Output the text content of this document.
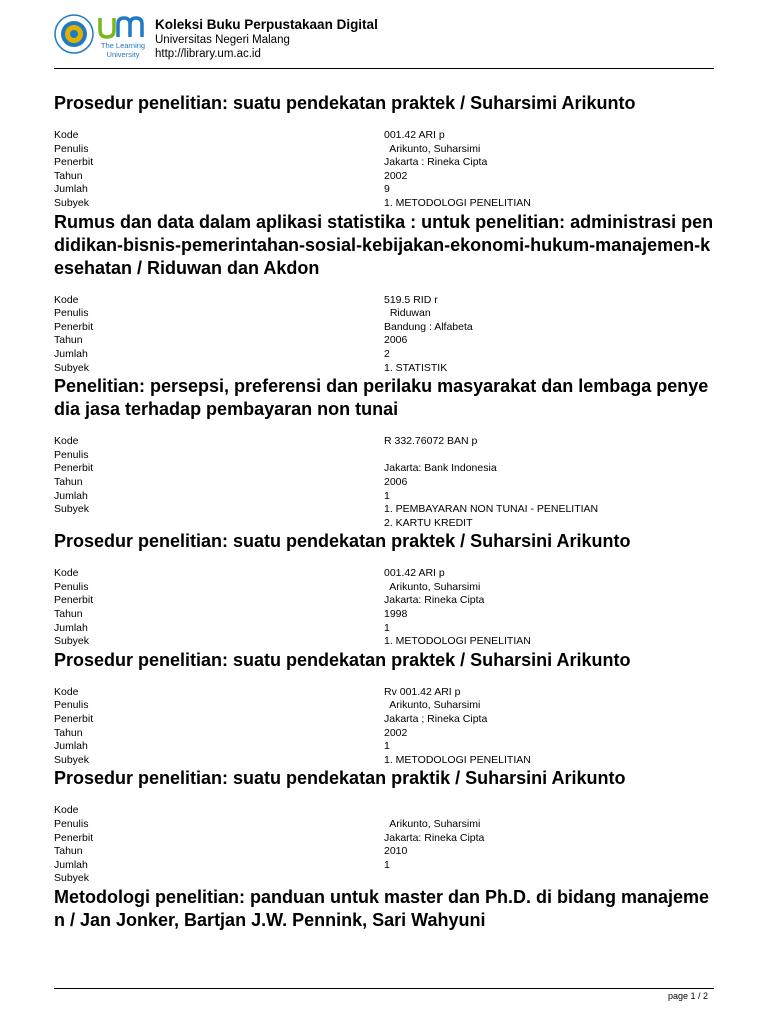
The Learning University
Koleksi Buku Perpustakaan Digital
Universitas Negeri Malang
http://library.um.ac.id
Prosedur penelitian: suatu pendekatan praktek / Suharsimi Arikunto
Kode	001.42 ARI p
Penulis	Arikunto, Suharsimi
Penerbit	Jakarta : Rineka Cipta
Tahun	2002
Jumlah	9
Subyek	1. METODOLOGI PENELITIAN
Rumus dan data dalam aplikasi statistika : untuk penelitian: administrasi pendidikan-bisnis-pemerintahan-sosial-kebijakan-ekonomi-hukum-manajemen-kesehatan / Riduwan dan Akdon
Kode	519.5 RID r
Penulis	Riduwan
Penerbit	Bandung : Alfabeta
Tahun	2006
Jumlah	2
Subyek	1. STATISTIK
Penelitian: persepsi, preferensi dan perilaku masyarakat dan lembaga penyedia jasa terhadap pembayaran non tunai
Kode	R 332.76072 BAN p
Penulis
Penerbit	Jakarta: Bank Indonesia
Tahun	2006
Jumlah	1
Subyek	1. PEMBAYARAN NON TUNAI - PENELITIAN
2. KARTU KREDIT
Prosedur penelitian: suatu pendekatan praktek / Suharsini Arikunto
Kode	001.42 ARI p
Penulis	Arikunto, Suharsimi
Penerbit	Jakarta: Rineka Cipta
Tahun	1998
Jumlah	1
Subyek	1. METODOLOGI PENELITIAN
Prosedur penelitian: suatu pendekatan praktek / Suharsini Arikunto
Kode	Rv 001.42 ARI p
Penulis	Arikunto, Suharsimi
Penerbit	Jakarta ; Rineka Cipta
Tahun	2002
Jumlah	1
Subyek	1. METODOLOGI PENELITIAN
Prosedur penelitian: suatu pendekatan praktik / Suharsini Arikunto
Kode
Penulis	Arikunto, Suharsimi
Penerbit	Jakarta: Rineka Cipta
Tahun	2010
Jumlah	1
Subyek
Metodologi penelitian: panduan untuk master dan Ph.D. di bidang manajemen / Jan Jonker, Bartjan J.W. Pennink, Sari Wahyuni
page 1 / 2
